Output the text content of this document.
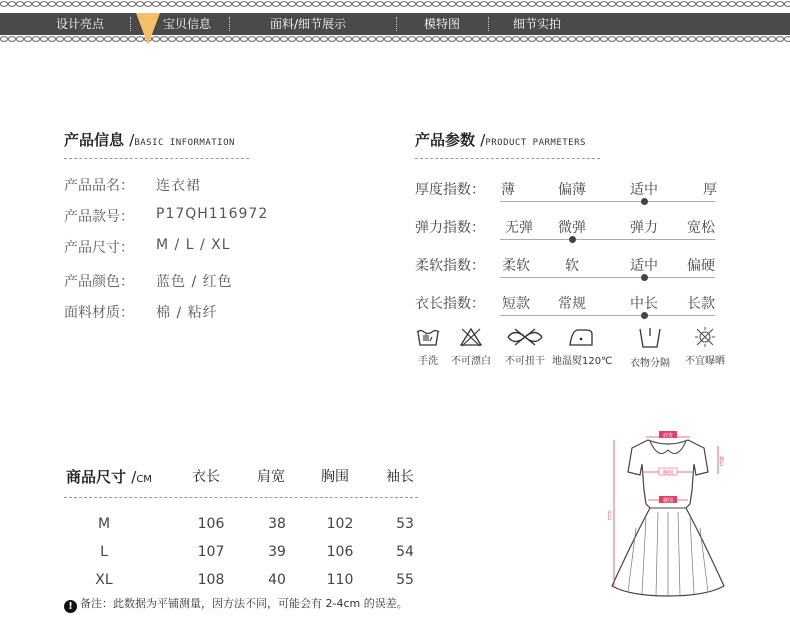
设计亮点	宝贝信息	面料/细节展示	模特图	细节实拍
产品信息 /BASIC INFORMATION
产品品名： 连衣裙
产品款号： P17QH116972
产品尺寸： M / L / XL
产品颜色： 蓝色 / 红色
面料材质： 棉 / 粘纤
产品参数 /PRODUCT PARMETERS
厚度指数：	薄	偏薄	适中	厚
弹力指数：	无弹	微弹	弹力	宽松
柔软指数：	柔软	软	适中	偏硬
衣长指数：	短款	常规	中长	长款
手洗	不可漂白	不可扭干 地温熨120℃	衣物分隔	不宜曝晒
商品尺寸 /CM	衣长	肩宽	胸围	袖长
M	106	38	102	53
L	107	39	106	54
XL	108	40	110	55
! 备注：此数据为平铺测量，因方法不同，可能会有 2-4cm 的误差。
肩宽
胸围
腰围
衣长
袖长
